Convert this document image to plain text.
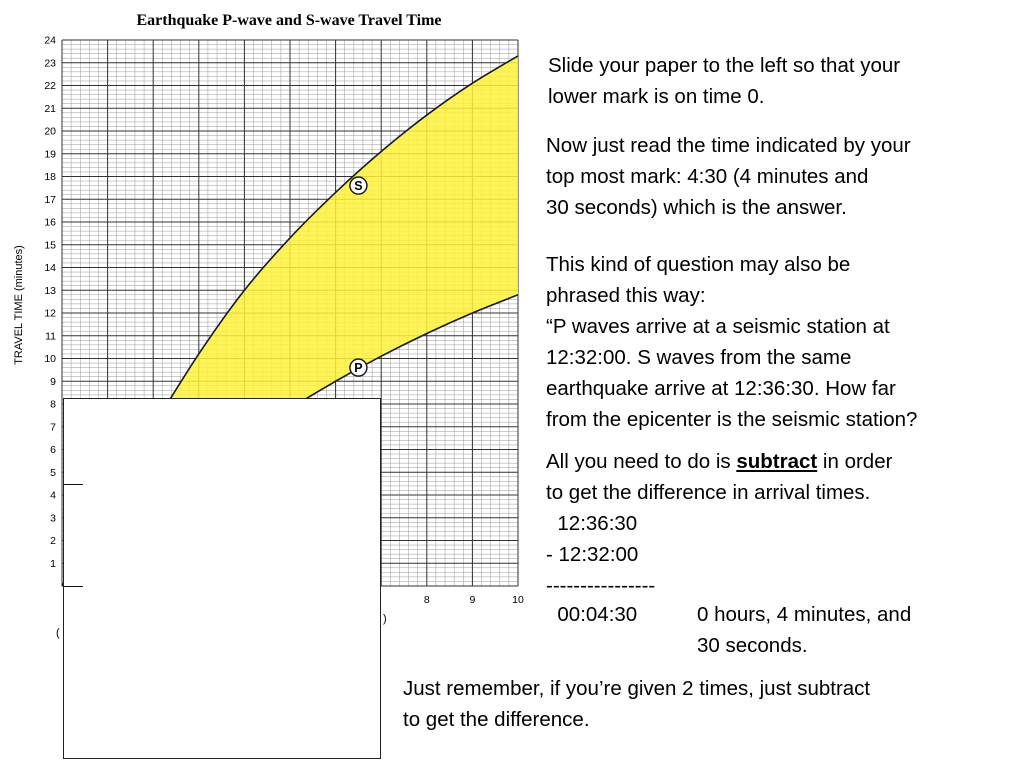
1
2
3
4
5
6
7
8
9
10
11
12
13
14
15
16
17
18
19
20
21
22
23
24
8	9	10
S
P
TRAVEL TIME (minutes)
(
)
Earthquake P-wave and S-wave Travel Time

Slide your paper to the left so that your
lower mark is on time 0.

Now just read the time indicated by your
top most mark: 4:30 (4 minutes and
30 seconds) which is the answer.

This kind of question may also be
phrased this way:
“P waves arrive at a seismic station at
12:32:00. S waves from the same
earthquake arrive at 12:36:30. How far
from the epicenter is the seismic station?

All you need to do is subtract in order
to get the difference in arrival times.

12:36:30

- 12:32:00

----------------

00:04:30	0 hours, 4 minutes, and
30 seconds.

Just remember, if you’re given 2 times, just subtract
to get the difference.
